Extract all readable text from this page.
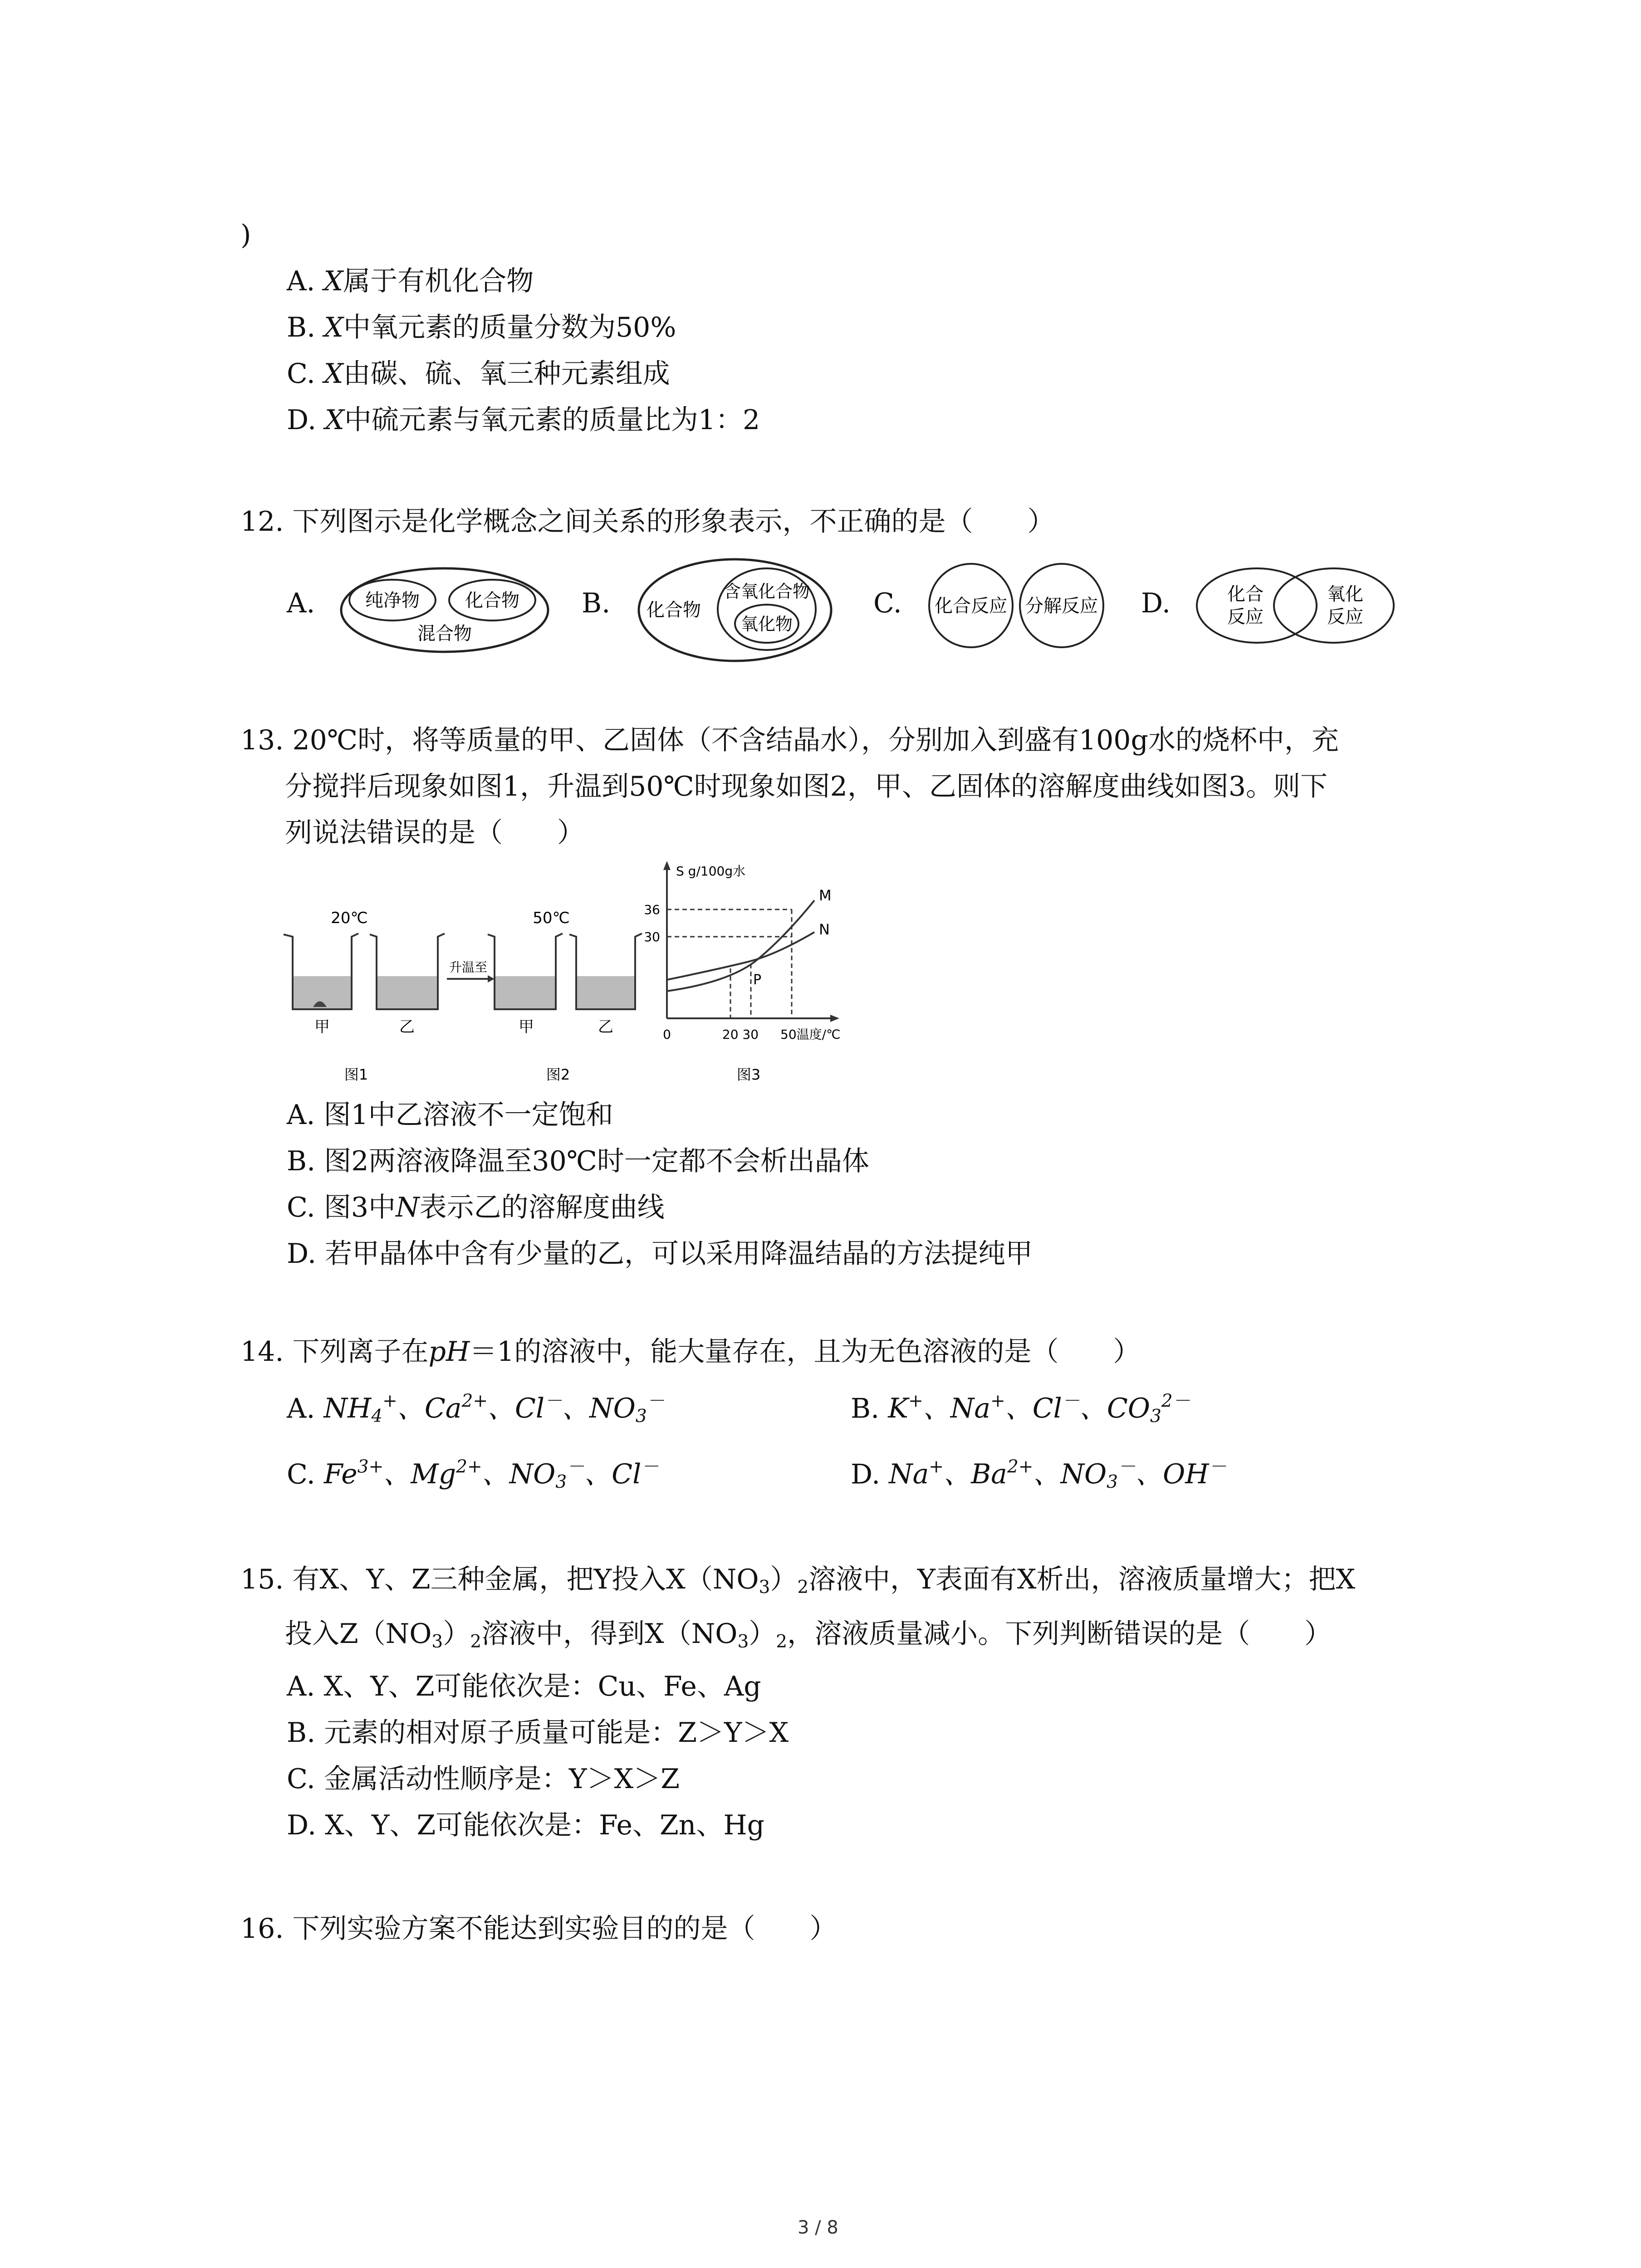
)
A. X属于有机化合物
B. X中氧元素的质量分数为50%
C. X由碳、硫、氧三种元素组成
D. X中硫元素与氧元素的质量比为1：2
12. 下列图示是化学概念之间关系的形象表示，不正确的是（　　）
A.	纯净物	化合物
混合物
B. 化合物
含氧化合物
氧化物
C. 化合反应 分解反应 D.	化合
反应
氧化
反应
13. 20℃时，将等质量的甲、乙固体（不含结晶水），分别加入到盛有100g水的烧杯中，充
分搅拌后现象如图1，升温到50℃时现象如图2，甲、乙固体的溶解度曲线如图3。则下
列说法错误的是（　　）
20℃
甲	乙
图1
升温至
50℃
甲	乙
图2
S g/100g水
36
30
M
N
P
0	20 30 50温度/℃
图3
A. 图1中乙溶液不一定饱和
B. 图2两溶液降温至30℃时一定都不会析出晶体
C. 图3中N表示乙的溶解度曲线
D. 若甲晶体中含有少量的乙，可以采用降温结晶的方法提纯甲
14. 下列离子在pH＝1的溶液中，能大量存在，且为无色溶液的是（　　）
A. $NH_4^+$、$Ca^{2+}$、Cl－、$NO_3^-$	B. K+、Na+、Cl－、$CO_3^{2-}$
C. $Fe^{3+}$、$Mg^{2+}$、$NO_3^-$、Cl－	D. Na+、$Ba^{2+}$、$NO_3^-$、OH－
15. 有X、Y、Z三种金属，把Y投入$X(NO_3)_2$溶液中，Y表面有X析出，溶液质量增大；把X
投入$Z(NO_3)_2$溶液中，得到$X(NO_3)_2$，溶液质量减小。下列判断错误的是（　　）
A. X、Y、Z可能依次是：Cu、Fe、Ag
B. 元素的相对原子质量可能是：Z＞Y＞X
C. 金属活动性顺序是：Y＞X＞Z
D. X、Y、Z可能依次是：Fe、Zn、Hg
16. 下列实验方案不能达到实验目的的是（　　）
3 / 8
